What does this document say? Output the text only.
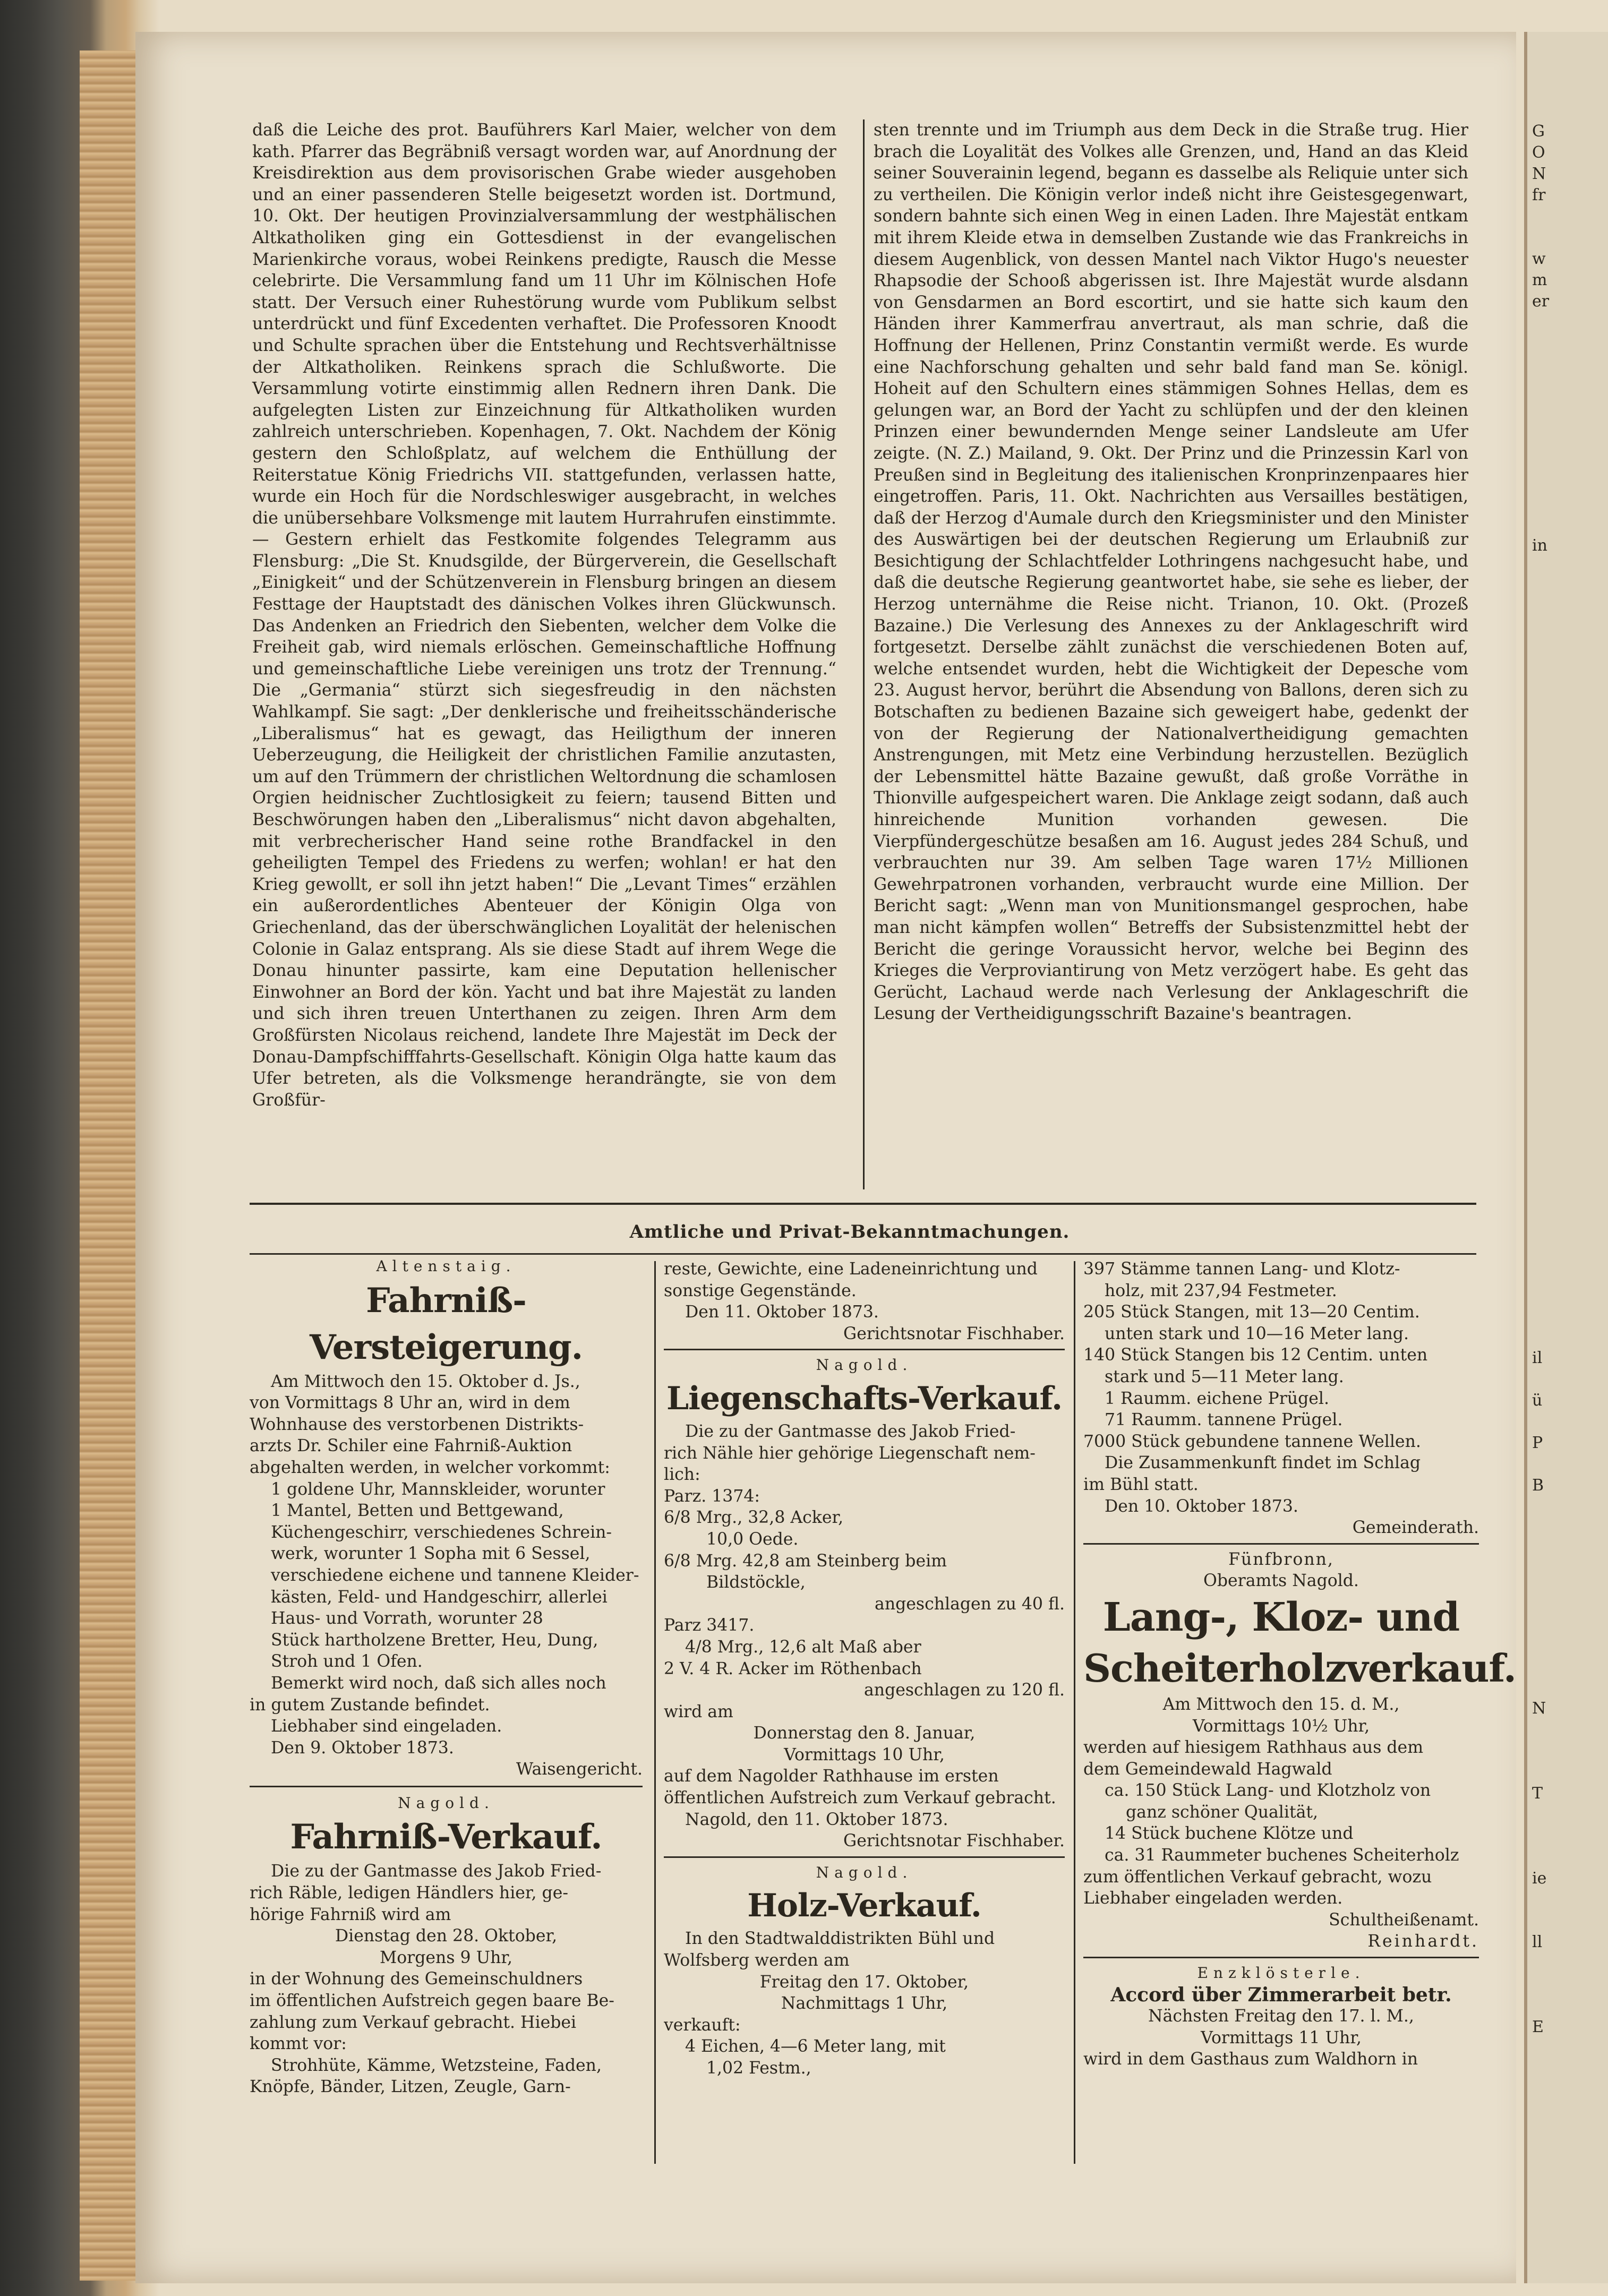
daß die Leiche des prot. Bauführers Karl Maier, welcher von dem kath. Pfarrer das Begräbniß versagt worden war, auf Anordnung der Kreisdirektion aus dem provisorischen Grabe wieder ausgehoben und an einer passenderen Stelle beigesetzt worden ist. Dortmund, 10. Okt. Der heutigen Provinzialversammlung der westphälischen Altkatholiken ging ein Gottesdienst in der evangelischen Marienkirche voraus, wobei Reinkens predigte, Rausch die Messe celebrirte. Die Versammlung fand um 11 Uhr im Kölnischen Hofe statt. Der Versuch einer Ruhestörung wurde vom Publikum selbst unterdrückt und fünf Excedenten verhaftet. Die Professoren Knoodt und Schulte sprachen über die Entstehung und Rechtsverhältnisse der Altkatholiken. Reinkens sprach die Schlußworte. Die Versammlung votirte einstimmig allen Rednern ihren Dank. Die aufgelegten Listen zur Einzeichnung für Altkatholiken wurden zahlreich unterschrieben. Kopenhagen, 7. Okt. Nachdem der König gestern den Schloßplatz, auf welchem die Enthüllung der Reiterstatue König Friedrichs VII. stattgefunden, verlassen hatte, wurde ein Hoch für die Nordschleswiger ausgebracht, in welches die unübersehbare Volksmenge mit lautem Hurrahrufen einstimmte. — Gestern erhielt das Festkomite folgendes Telegramm aus Flensburg: „Die St. Knudsgilde, der Bürgerverein, die Gesellschaft „Einigkeit“ und der Schützenverein in Flensburg bringen an diesem Festtage der Hauptstadt des dänischen Volkes ihren Glückwunsch. Das Andenken an Friedrich den Siebenten, welcher dem Volke die Freiheit gab, wird niemals erlöschen. Gemeinschaftliche Hoffnung und gemeinschaftliche Liebe vereinigen uns trotz der Trennung.“ Die „Germania“ stürzt sich siegesfreudig in den nächsten Wahlkampf. Sie sagt: „Der denklerische und freiheitsschänderische „Liberalismus“ hat es gewagt, das Heiligthum der inneren Ueberzeugung, die Heiligkeit der christlichen Familie anzutasten, um auf den Trümmern der christlichen Weltordnung die schamlosen Orgien heidnischer Zuchtlosigkeit zu feiern; tausend Bitten und Beschwörungen haben den „Liberalismus“ nicht davon abgehalten, mit verbrecherischer Hand seine rothe Brandfackel in den geheiligten Tempel des Friedens zu werfen; wohlan! er hat den Krieg gewollt, er soll ihn jetzt haben!“ Die „Levant Times“ erzählen ein außerordentliches Abenteuer der Königin Olga von Griechenland, das der überschwänglichen Loyalität der helenischen Colonie in Galaz entsprang. Als sie diese Stadt auf ihrem Wege die Donau hinunter passirte, kam eine Deputation hellenischer Einwohner an Bord der kön. Yacht und bat ihre Majestät zu landen und sich ihren treuen Unterthanen zu zeigen. Ihren Arm dem Großfürsten Nicolaus reichend, landete Ihre Majestät im Deck der Donau-Dampfschifffahrts-Gesellschaft. Königin Olga hatte kaum das Ufer betreten, als die Volksmenge herandrängte, sie von dem Großfür-

sten trennte und im Triumph aus dem Deck in die Straße trug. Hier brach die Loyalität des Volkes alle Grenzen, und, Hand an das Kleid seiner Souverainin legend, begann es dasselbe als Reliquie unter sich zu vertheilen. Die Königin verlor indeß nicht ihre Geistesgegenwart, sondern bahnte sich einen Weg in einen Laden. Ihre Majestät entkam mit ihrem Kleide etwa in demselben Zustande wie das Frankreichs in diesem Augenblick, von dessen Mantel nach Viktor Hugo's neuester Rhapsodie der Schooß abgerissen ist. Ihre Majestät wurde alsdann von Gensdarmen an Bord escortirt, und sie hatte sich kaum den Händen ihrer Kammerfrau anvertraut, als man schrie, daß die Hoffnung der Hellenen, Prinz Constantin vermißt werde. Es wurde eine Nachforschung gehalten und sehr bald fand man Se. königl. Hoheit auf den Schultern eines stämmigen Sohnes Hellas, dem es gelungen war, an Bord der Yacht zu schlüpfen und der den kleinen Prinzen einer bewundernden Menge seiner Landsleute am Ufer zeigte. (N. Z.) Mailand, 9. Okt. Der Prinz und die Prinzessin Karl von Preußen sind in Begleitung des italienischen Kronprinzenpaares hier eingetroffen. Paris, 11. Okt. Nachrichten aus Versailles bestätigen, daß der Herzog d'Aumale durch den Kriegsminister und den Minister des Auswärtigen bei der deutschen Regierung um Erlaubniß zur Besichtigung der Schlachtfelder Lothringens nachgesucht habe, und daß die deutsche Regierung geantwortet habe, sie sehe es lieber, der Herzog unternähme die Reise nicht. Trianon, 10. Okt. (Prozeß Bazaine.) Die Verlesung des Annexes zu der Anklageschrift wird fortgesetzt. Derselbe zählt zunächst die verschiedenen Boten auf, welche entsendet wurden, hebt die Wichtigkeit der Depesche vom 23. August hervor, berührt die Absendung von Ballons, deren sich zu Botschaften zu bedienen Bazaine sich geweigert habe, gedenkt der von der Regierung der Nationalvertheidigung gemachten Anstrengungen, mit Metz eine Verbindung herzustellen. Bezüglich der Lebensmittel hätte Bazaine gewußt, daß große Vorräthe in Thionville aufgespeichert waren. Die Anklage zeigt sodann, daß auch hinreichende Munition vorhanden gewesen. Die Vierpfündergeschütze besaßen am 16. August jedes 284 Schuß, und verbrauchten nur 39. Am selben Tage waren 17½ Millionen Gewehrpatronen vorhanden, verbraucht wurde eine Million. Der Bericht sagt: „Wenn man von Munitionsmangel gesprochen, habe man nicht kämpfen wollen“ Betreffs der Subsistenzmittel hebt der Bericht die geringe Voraussicht hervor, welche bei Beginn des Krieges die Verproviantirung von Metz verzögert habe. Es geht das Gerücht, Lachaud werde nach Verlesung der Anklageschrift die Lesung der Vertheidigungsschrift Bazaine's beantragen.

Amtliche und Privat-Bekanntmachungen.
Altenstaig.
Fahrniß-Versteigerung.
Am Mittwoch den 15. Oktober d. Js.,
von Vormittags 8 Uhr an, wird in dem
Wohnhause des verstorbenen Distrikts-
arzts Dr. Schiler eine Fahrniß-Auktion
abgehalten werden, in welcher vorkommt:
1 goldene Uhr, Mannskleider, worunter
1 Mantel, Betten und Bettgewand,
Küchengeschirr, verschiedenes Schrein-
werk, worunter 1 Sopha mit 6 Sessel,
verschiedene eichene und tannene Kleider-
kästen, Feld- und Handgeschirr, allerlei
Haus- und Vorrath, worunter 28
Stück hartholzene Bretter, Heu, Dung,
Stroh und 1 Ofen.
Bemerkt wird noch, daß sich alles noch
in gutem Zustande befindet.
Liebhaber sind eingeladen.
Den 9. Oktober 1873.
Waisengericht.
Nagold.
Fahrniß-Verkauf.
Die zu der Gantmasse des Jakob Fried-
rich Räble, ledigen Händlers hier, ge-
hörige Fahrniß wird am
Dienstag den 28. Oktober,
Morgens 9 Uhr,
in der Wohnung des Gemeinschuldners
im öffentlichen Aufstreich gegen baare Be-
zahlung zum Verkauf gebracht. Hiebei
kommt vor:
Strohhüte, Kämme, Wetzsteine, Faden,
Knöpfe, Bänder, Litzen, Zeugle, Garn-
reste, Gewichte, eine Ladeneinrichtung und
sonstige Gegenstände.
Den 11. Oktober 1873.
Gerichtsnotar Fischhaber.
Nagold.
Liegenschafts-Verkauf.
Die zu der Gantmasse des Jakob Fried-
rich Nähle hier gehörige Liegenschaft nem-
lich:
Parz. 1374:
6/8 Mrg., 32,8 Acker,
10,0 Oede.
6/8 Mrg. 42,8 am Steinberg beim
Bildstöckle,
angeschlagen zu 40 fl.
Parz 3417.
4/8 Mrg., 12,6 alt Maß aber
2 V. 4 R. Acker im Röthenbach
angeschlagen zu 120 fl.
wird am
Donnerstag den 8. Januar,
Vormittags 10 Uhr,
auf dem Nagolder Rathhause im ersten
öffentlichen Aufstreich zum Verkauf gebracht.
Nagold, den 11. Oktober 1873.
Gerichtsnotar Fischhaber.
Nagold.
Holz-Verkauf.
In den Stadtwalddistrikten Bühl und
Wolfsberg werden am
Freitag den 17. Oktober,
Nachmittags 1 Uhr,
verkauft:
4 Eichen, 4—6 Meter lang, mit
1,02 Festm.,
397 Stämme tannen Lang- und Klotz-
holz, mit 237,94 Festmeter.
205 Stück Stangen, mit 13—20 Centim.
unten stark und 10—16 Meter lang.
140 Stück Stangen bis 12 Centim. unten
stark und 5—11 Meter lang.
1 Raumm. eichene Prügel.
71 Raumm. tannene Prügel.
7000 Stück gebundene tannene Wellen.
Die Zusammenkunft findet im Schlag
im Bühl statt.
Den 10. Oktober 1873.
Gemeinderath.
Fünfbronn,
Oberamts Nagold.
Lang-, Kloz- und
Scheiterholzverkauf.
Am Mittwoch den 15. d. M.,
Vormittags 10½ Uhr,
werden auf hiesigem Rathhaus aus dem
dem Gemeindewald Hagwald
ca. 150 Stück Lang- und Klotzholz von
ganz schöner Qualität,
14 Stück buchene Klötze und
ca. 31 Raummeter buchenes Scheiterholz
zum öffentlichen Verkauf gebracht, wozu
Liebhaber eingeladen werden.
Schultheißenamt.
Reinhardt.
Enzklösterle.
Accord über Zimmerarbeit betr.
Nächsten Freitag den 17. l. M.,
Vormittags 11 Uhr,
wird in dem Gasthaus zum Waldhorn in
G
O
N
fr
w
m
er
in
il
ü
P
B
N
T
ie
ll
E
